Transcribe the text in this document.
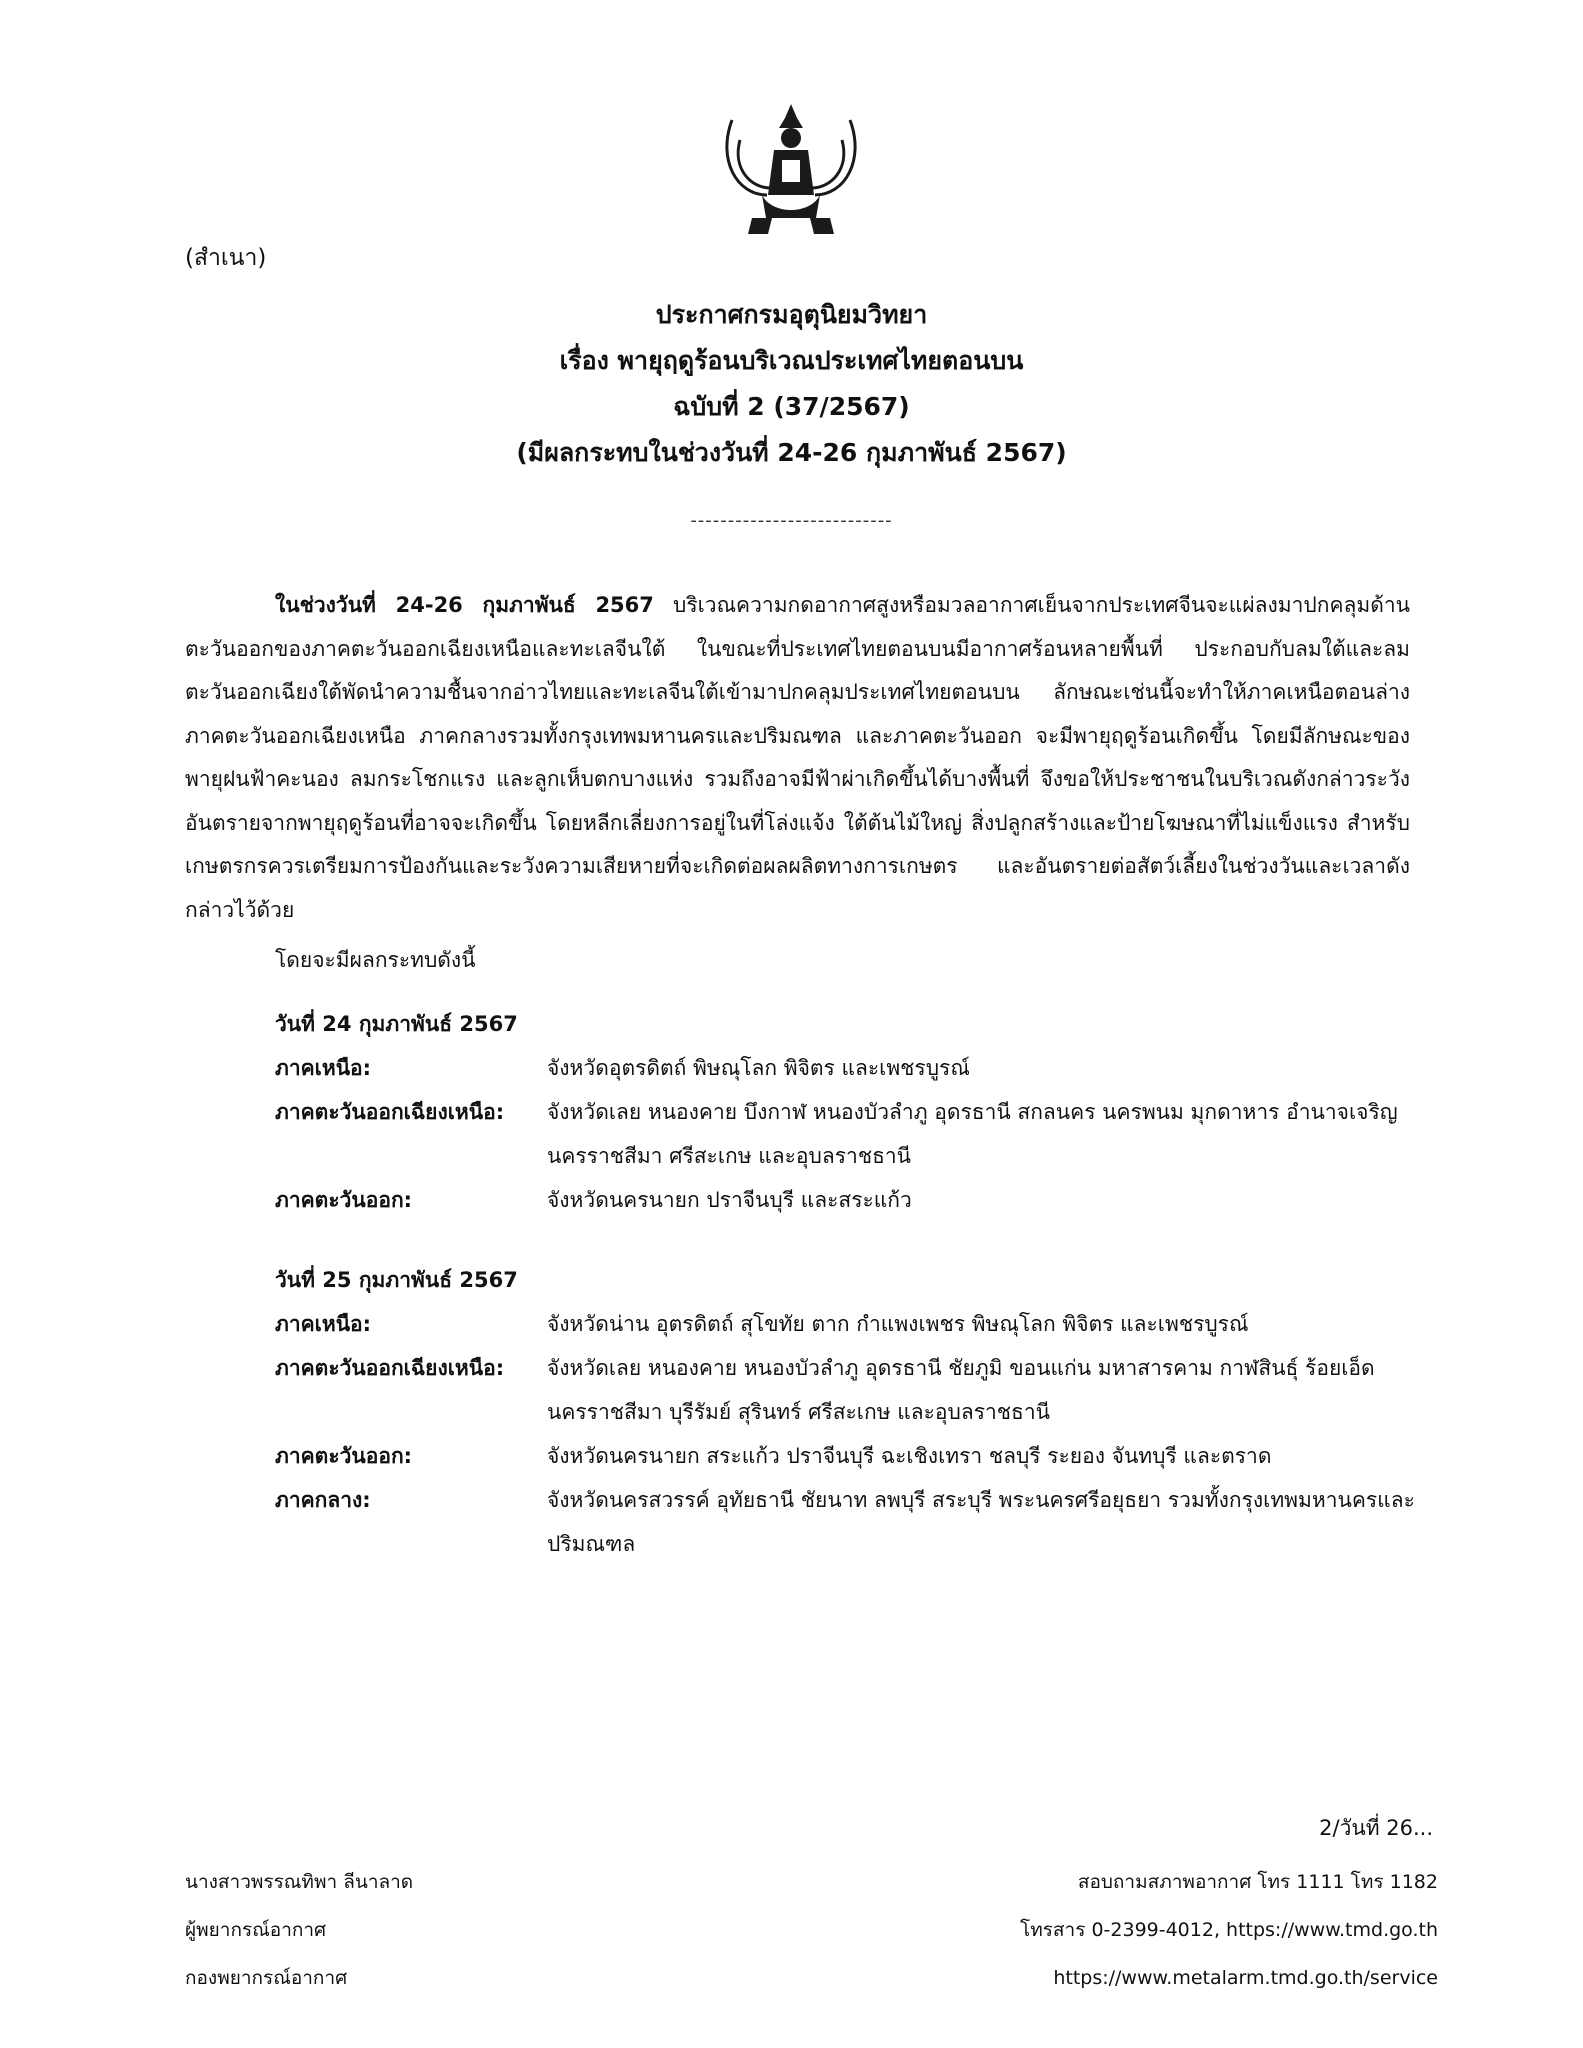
(สำเนา)
ประกาศกรมอุตุนิยมวิทยา
เรื่อง พายุฤดูร้อนบริเวณประเทศไทยตอนบน
ฉบับที่ 2 (37/2567)
(มีผลกระทบในช่วงวันที่ 24-26 กุมภาพันธ์ 2567)
---------------------------
ในช่วงวันที่ 24-26 กุมภาพันธ์ 2567 บริเวณความกดอากาศสูงหรือมวลอากาศเย็นจากประเทศจีนจะแผ่ลงมาปกคลุมด้านตะวันออกของภาคตะวันออกเฉียงเหนือและทะเลจีนใต้ ในขณะที่ประเทศไทยตอนบนมีอากาศร้อนหลายพื้นที่ ประกอบกับลมใต้และลมตะวันออกเฉียงใต้พัดนำความชื้นจากอ่าวไทยและทะเลจีนใต้เข้ามาปกคลุมประเทศไทยตอนบน ลักษณะเช่นนี้จะทำให้ภาคเหนือตอนล่าง ภาคตะวันออกเฉียงเหนือ ภาคกลางรวมทั้งกรุงเทพมหานครและปริมณฑล และภาคตะวันออก จะมีพายุฤดูร้อนเกิดขึ้น โดยมีลักษณะของพายุฝนฟ้าคะนอง ลมกระโชกแรง และลูกเห็บตกบางแห่ง รวมถึงอาจมีฟ้าผ่าเกิดขึ้นได้บางพื้นที่ จึงขอให้ประชาชนในบริเวณดังกล่าวระวังอันตรายจากพายุฤดูร้อนที่อาจจะเกิดขึ้น โดยหลีกเลี่ยงการอยู่ในที่โล่งแจ้ง ใต้ต้นไม้ใหญ่ สิ่งปลูกสร้างและป้ายโฆษณาที่ไม่แข็งแรง สำหรับเกษตรกรควรเตรียมการป้องกันและระวังความเสียหายที่จะเกิดต่อผลผลิตทางการเกษตร และอันตรายต่อสัตว์เลี้ยงในช่วงวันและเวลาดังกล่าวไว้ด้วย
โดยจะมีผลกระทบดังนี้
วันที่ 24 กุมภาพันธ์ 2567
ภาคเหนือ:	จังหวัดอุตรดิตถ์ พิษณุโลก พิจิตร และเพชรบูรณ์
ภาคตะวันออกเฉียงเหนือ:	จังหวัดเลย หนองคาย บึงกาฬ หนองบัวลำภู อุดรธานี สกลนคร นครพนม มุกดาหาร อำนาจเจริญ นครราชสีมา ศรีสะเกษ และอุบลราชธานี
ภาคตะวันออก:	จังหวัดนครนายก ปราจีนบุรี และสระแก้ว
วันที่ 25 กุมภาพันธ์ 2567
ภาคเหนือ:	จังหวัดน่าน อุตรดิตถ์ สุโขทัย ตาก กำแพงเพชร พิษณุโลก พิจิตร และเพชรบูรณ์
ภาคตะวันออกเฉียงเหนือ:	จังหวัดเลย หนองคาย หนองบัวลำภู อุดรธานี ชัยภูมิ ขอนแก่น มหาสารคาม กาฬสินธุ์ ร้อยเอ็ด นครราชสีมา บุรีรัมย์ สุรินทร์ ศรีสะเกษ และอุบลราชธานี
ภาคตะวันออก:	จังหวัดนครนายก สระแก้ว ปราจีนบุรี ฉะเชิงเทรา ชลบุรี ระยอง จันทบุรี และตราด
ภาคกลาง:	จังหวัดนครสวรรค์ อุทัยธานี ชัยนาท ลพบุรี สระบุรี พระนครศรีอยุธยา รวมทั้งกรุงเทพมหานครและปริมณฑล
2/วันที่ 26...
นางสาวพรรณทิพา ลีนาลาด
ผู้พยากรณ์อากาศ
กองพยากรณ์อากาศ
สอบถามสภาพอากาศ โทร 1111 โทร 1182
โทรสาร 0-2399-4012, https://www.tmd.go.th
https://www.metalarm.tmd.go.th/service
